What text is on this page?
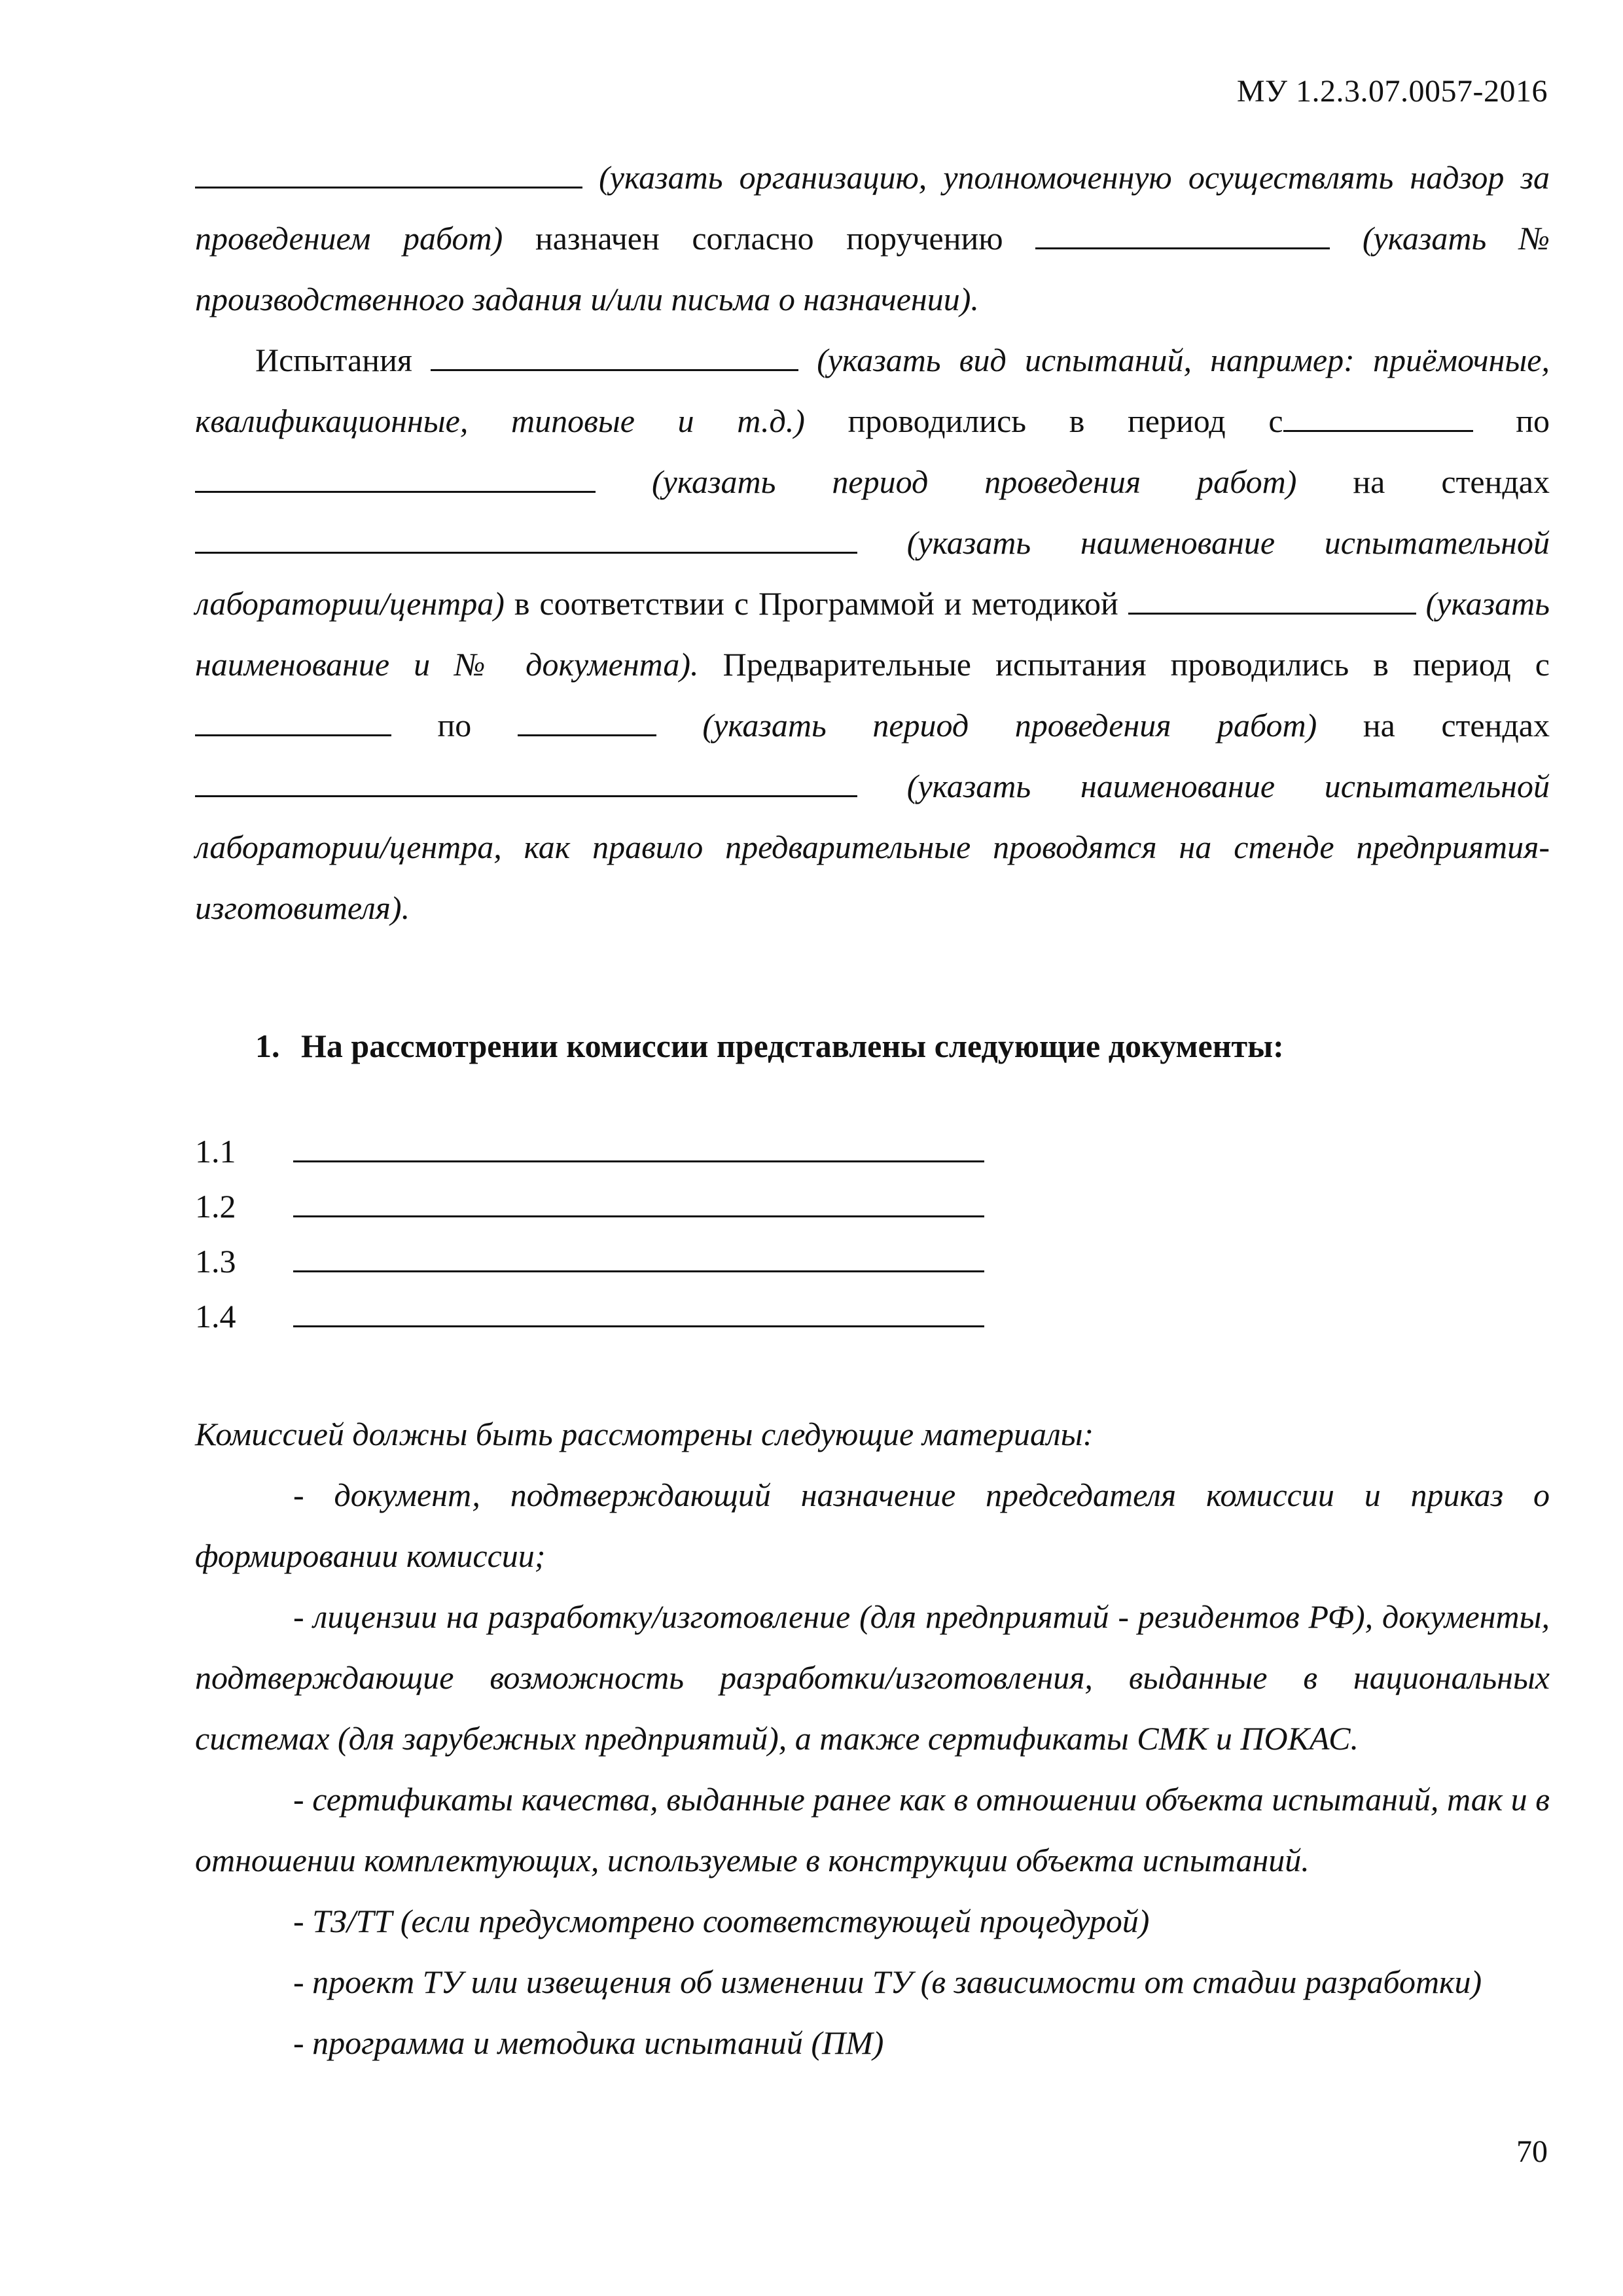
МУ 1.2.3.07.0057-2016

(указать организацию, уполномоченную осуществлять надзор за проведением работ) назначен согласно поручению	(указать № производственного задания и/или письма о назначении).

Испытания	(указать вид испытаний, например: приёмочные, квалификационные, типовые и т.д.) проводились в период с	по  (указать период проведения работ) на стендах  (указать наименование испытательной лаборатории/центра) в соответствии с Программой и методикой	(указать наименование и № документа). Предварительные испытания проводились в период с по	(указать период проведения работ) на стендах  (указать наименование испытательной лаборатории/центра, как правило предварительные проводятся на стенде предприятия-изготовителя).

1. На рассмотрении комиссии представлены следующие документы:
1.1
1.2
1.3
1.4

Комиссией должны быть рассмотрены следующие материалы:

- документ, подтверждающий назначение председателя комиссии и приказ о формировании комиссии;

- лицензии на разработку/изготовление (для предприятий - резидентов РФ), документы, подтверждающие возможность разработки/изготовления, выданные в национальных системах (для зарубежных предприятий), а также сертификаты СМК и ПОКАС.

- сертификаты качества, выданные ранее как в отношении объекта испытаний, так и в отношении комплектующих, используемые в конструкции объекта испытаний.

- ТЗ/ТТ (если предусмотрено соответствующей процедурой)

- проект ТУ или извещения об изменении ТУ (в зависимости от стадии разработки)

- программа и методика испытаний (ПМ)

70
